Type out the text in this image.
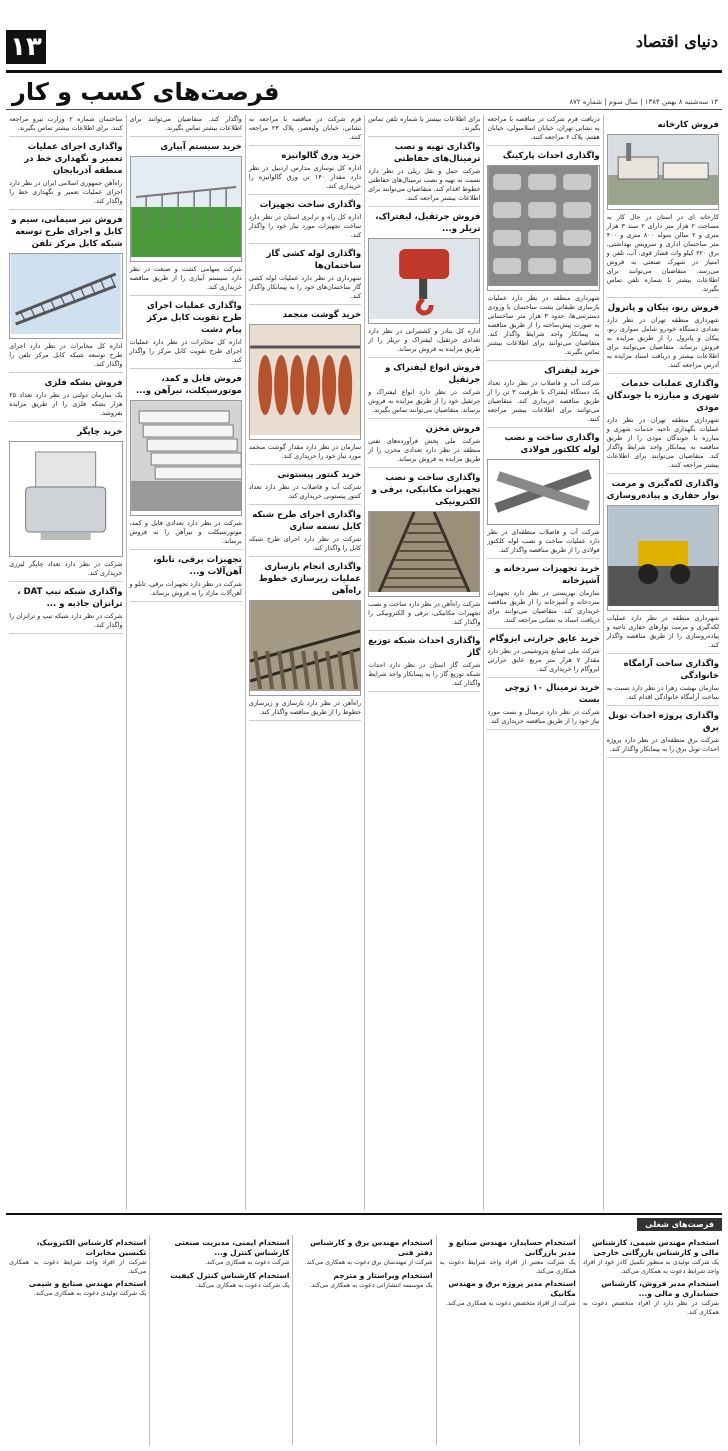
۱۳	دنیای اقتصاد
فرصت‌های کسب و کار	۱۳ سه‌شنبه ۸ بهمن ۱۳۸۴ | سال سوم | شماره ۸۷۲
فروش کارخانه
کارخانه ای در استان در حال کار به مساحت ۲ هزار متر دارای ۲ سند ۳ هزار متری و ۲ سالن سوله ۸۰۰ متری و ۴۰۰ متر ساختمان اداری و سرویس بهداشتی، برق ۲۲۰ کیلو وات فشار قوی، آب، تلفن و امتیاز در شهرک صنعتی به فروش می‌رسد. متقاضیان می‌توانند برای اطلاعات بیشتر با شماره تلفن تماس بگیرند.
فروش رنو، پیکان و پاترول
شهرداری منطقه تهران در نظر دارد تعدادی دستگاه خودرو شامل سواری رنو، پیکان و پاترول را از طریق مزایده به فروش برساند. متقاضیان می‌توانند برای اطلاعات بیشتر و دریافت اسناد مزایده به آدرس مراجعه کنند.
واگذاری عملیات خدمات شهری و مبارزه با جوندگان موذی
شهرداری منطقه تهران در نظر دارد عملیات نگهداری ناحیه خدمات شهری و مبارزه با جوندگان موذی را از طریق مناقصه به پیمانکار واجد شرایط واگذار کند. متقاضیان می‌توانند برای اطلاعات بیشتر مراجعه کنند.
واگذاری لکه‌گیری و مرمت نوار حفاری و پیاده‌روسازی
شهرداری منطقه در نظر دارد عملیات لکه‌گیری و مرمت نوارهای حفاری ناحیه و پیاده‌روسازی را از طریق مناقصه واگذار کند.
واگذاری ساخت آرامگاه خانوادگی
سازمان بهشت زهرا در نظر دارد نسبت به ساخت آرامگاه خانوادگی اقدام کند.
واگذاری پروژه احداث تونل برق
شرکت برق منطقه‌ای در نظر دارد پروژه احداث تونل برق را به پیمانکار واگذار کند.
دریافت فرم شرکت در مناقصه با مراجعه به نشانی تهران، خیابان اسلامبولی، خیابان هفتم، پلاک ۶ مراجعه کنند.
واگذاری احداث پارکینگ
شهرداری منطقه در نظر دارد عملیات بازسازی طبقاتی پشت ساختمان با ورودی دسترسی‌ها، حدود ۳ هزار متر ساختمانی به صورت پیش‌ساخته را از طریق مناقصه به پیمانکار واجد شرایط واگذار کند. متقاضیان می‌توانند برای اطلاعات بیشتر تماس بگیرند.
خرید لیفتراک
شرکت آب و فاضلاب در نظر دارد تعداد یک دستگاه لیفتراک با ظرفیت ۳ تن را از طریق مناقصه خریداری کند. متقاضیان می‌توانند برای اطلاعات بیشتر مراجعه کنند.
واگذاری ساخت و نصب لوله کلکتور فولادی
شرکت آب و فاضلاب منطقه‌ای در نظر دارد عملیات ساخت و نصب لوله کلکتور فولادی را از طریق مناقصه واگذار کند.
خرید تجهیزات سردخانه و آشپزخانه
سازمان بهزیستی در نظر دارد تجهیزات سردخانه و آشپزخانه را از طریق مناقصه خریداری کند. متقاضیان می‌توانند برای دریافت اسناد به نشانی مراجعه کنند.
خرید عایق حرارتی ایزوگام
شرکت ملی صنایع پتروشیمی در نظر دارد مقدار ۷ هزار متر مربع عایق حرارتی ایزوگام را خریداری کند.
خرید ترمینال ۱۰ ژوچی بست
شرکت در نظر دارد ترمینال و بست مورد نیاز خود را از طریق مناقصه خریداری کند.
برای اطلاعات بیشتر با شماره تلفن تماس بگیرند.
واگذاری تهیه و نصب ترمینال‌های حفاظتی
شرکت حمل و نقل ریلی در نظر دارد نسبت به تهیه و نصب ترمینال‌های حفاظتی خطوط اقدام کند. متقاضیان می‌توانند برای اطلاعات بیشتر مراجعه کنند.
فروش جرثقیل، لیفتراک، تریلر و...
اداره کل بنادر و کشتیرانی در نظر دارد تعدادی جرثقیل، لیفتراک و تریلر را از طریق مزایده به فروش برساند.
فروش انواع لیفتراک و جرثقیل
شرکت در نظر دارد انواع لیفتراک و جرثقیل خود را از طریق مزایده به فروش برساند. متقاضیان می‌توانند تماس بگیرند.
فروش مخزن
شرکت ملی پخش فرآورده‌های نفتی منطقه در نظر دارد تعدادی مخزن را از طریق مزایده به فروش برساند.
واگذاری ساخت و نصب تجهیزات مکانیکی، برقی و الکترونیکی
شرکت راه‌آهن در نظر دارد ساخت و نصب تجهیزات مکانیکی، برقی و الکترونیکی را واگذار کند.
واگذاری احداث شبکه توزیع گاز
شرکت گاز استان در نظر دارد احداث شبکه توزیع گاز را به پیمانکار واجد شرایط واگذار کند.
فرم شرکت در مناقصه با مراجعه به نشانی، خیابان ولیعصر، پلاک ۲۳ مراجعه کنند.
خرید ورق گالوانیزه
اداره کل نوسازی مدارس اردبیل در نظر دارد مقدار ۱۴۰ تن ورق گالوانیزه را خریداری کند.
واگذاری ساخت تجهیزات
اداره کل راه و ترابری استان در نظر دارد ساخت تجهیزات مورد نیاز خود را واگذار کند.
واگذاری لوله کشی گاز ساختمان‌ها
شهرداری در نظر دارد عملیات لوله کشی گاز ساختمان‌های خود را به پیمانکار واگذار کند.
خرید گوشت منجمد
سازمان در نظر دارد مقدار گوشت منجمد مورد نیاز خود را خریداری کند.
خرید کنتور پیستونی
شرکت آب و فاضلاب در نظر دارد تعداد کنتور پیستونی خریداری کند.
واگذاری اجرای طرح شبکه کابل تسمه سازی
شرکت در نظر دارد اجرای طرح شبکه کابل را واگذار کند.
واگذاری انجام بازسازی عملیات زیرسازی خطوط راه‌آهن
راه‌آهن در نظر دارد بازسازی و زیرسازی خطوط را از طریق مناقصه واگذار کند.
واگذار کند. متقاضیان می‌توانند برای اطلاعات بیشتر تماس بگیرند.
خرید سیستم آبیاری
شرکت سهامی کشت و صنعت در نظر دارد سیستم آبیاری را از طریق مناقصه خریداری کند.
واگذاری عملیات اجرای طرح تقویت کابل مرکز پیام دشت
اداره کل مخابرات در نظر دارد عملیات اجرای طرح تقویت کابل مرکز را واگذار کند.
فروش فایل و کمد، موتورسیکلت، تیرآهن و...
شرکت در نظر دارد تعدادی فایل و کمد، موتورسیکلت و تیرآهن را به فروش برساند.
تجهیزات برقی، تابلو، آهن‌آلات و...
شرکت در نظر دارد تجهیزات برقی، تابلو و آهن‌آلات مازاد را به فروش برساند.
ساختمان شماره ۲ وزارت نیرو مراجعه کنند. برای اطلاعات بیشتر تماس بگیرند.
واگذاری اجرای عملیات تعمیر و نگهداری خط در منطقه آذربایجان
راه‌آهن جمهوری اسلامی ایران در نظر دارد اجرای عملیات تعمیر و نگهداری خط را واگذار کند.
فروش تیر سیمانی، سیم و کابل و اجرای طرح توسعه شبکه کابل مرکز تلفن
اداره کل مخابرات در نظر دارد اجرای طرح توسعه شبکه کابل مرکز تلفن را واگذار کند.
فروش بشکه فلزی
یک سازمان دولتی در نظر دارد تعداد ۲۵ هزار بشکه فلزی را از طریق مزایده بفروشد.
خرید چاپگر
شرکت در نظر دارد تعداد چاپگر لیزری خریداری کند.
واگذاری شبکه تیپ DAT ، ترانزان جاذبه و ...
شرکت در نظر دارد شبکه تیپ و ترانزان را واگذار کند.
فرصت‌های شغلی
استخدام مهندس شیمی، کارشناس مالی و کارشناس بازرگانی خارجی
یک شرکت تولیدی به منظور تکمیل کادر خود از افراد واجد شرایط دعوت به همکاری می‌کند.
استخدام مدیر فروش، کارشناس حسابداری و مالی و...
شرکت در نظر دارد از افراد متخصص دعوت به همکاری کند.
استخدام حسابدار، مهندس صنایع و مدیر بازرگانی
یک شرکت معتبر از افراد واجد شرایط دعوت به همکاری می‌کند.
استخدام مدیر پروژه برق و مهندس مکانیک
شرکت از افراد متخصص دعوت به همکاری می‌کند.
استخدام مهندس برق و کارشناس دفتر فنی
شرکت از مهندسان برق دعوت به همکاری می‌کند.
استخدام ویراستار و مترجم
یک موسسه انتشاراتی دعوت به همکاری می‌کند.
استخدام ایمنی، مدیریت صنعتی کارشناس کنترل و...
شرکت دعوت به همکاری می‌کند.
استخدام کارشناس کنترل کیفیت
یک شرکت دعوت به همکاری می‌کند.
استخدام کارشناس الکترونیک، تکنسین مخابرات
شرکت از افراد واجد شرایط دعوت به همکاری می‌کند.
استخدام مهندس صنایع و شیمی
یک شرکت تولیدی دعوت به همکاری می‌کند.
